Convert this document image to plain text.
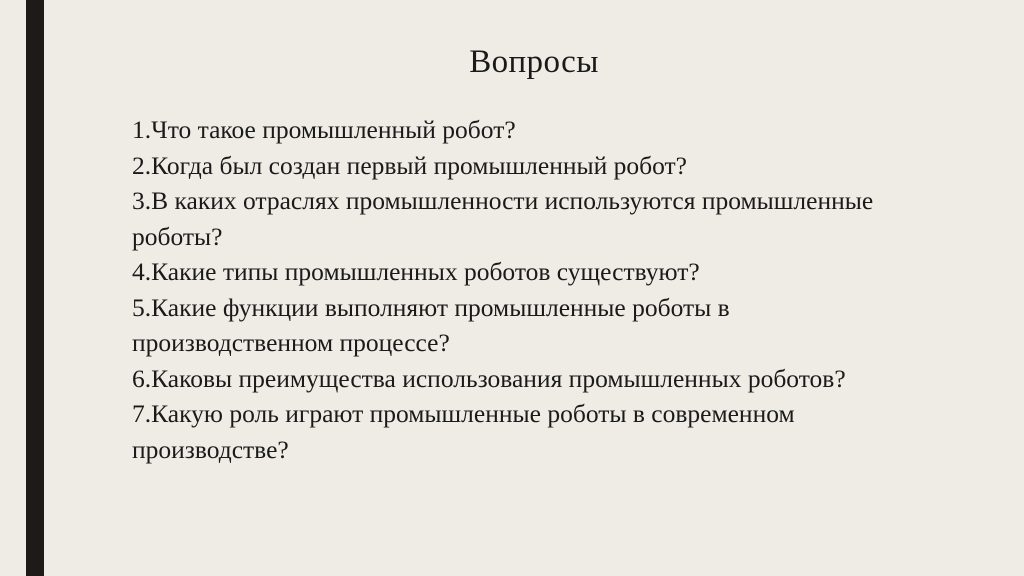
Вопросы
1.Что такое промышленный робот?
2.Когда был создан первый промышленный робот?
3.В каких отраслях промышленности используются промышленные роботы?
4.Какие типы промышленных роботов существуют?
5.Какие функции выполняют промышленные роботы в производственном процессе?
6.Каковы преимущества использования промышленных роботов?
7.Какую роль играют промышленные роботы в современном производстве?
